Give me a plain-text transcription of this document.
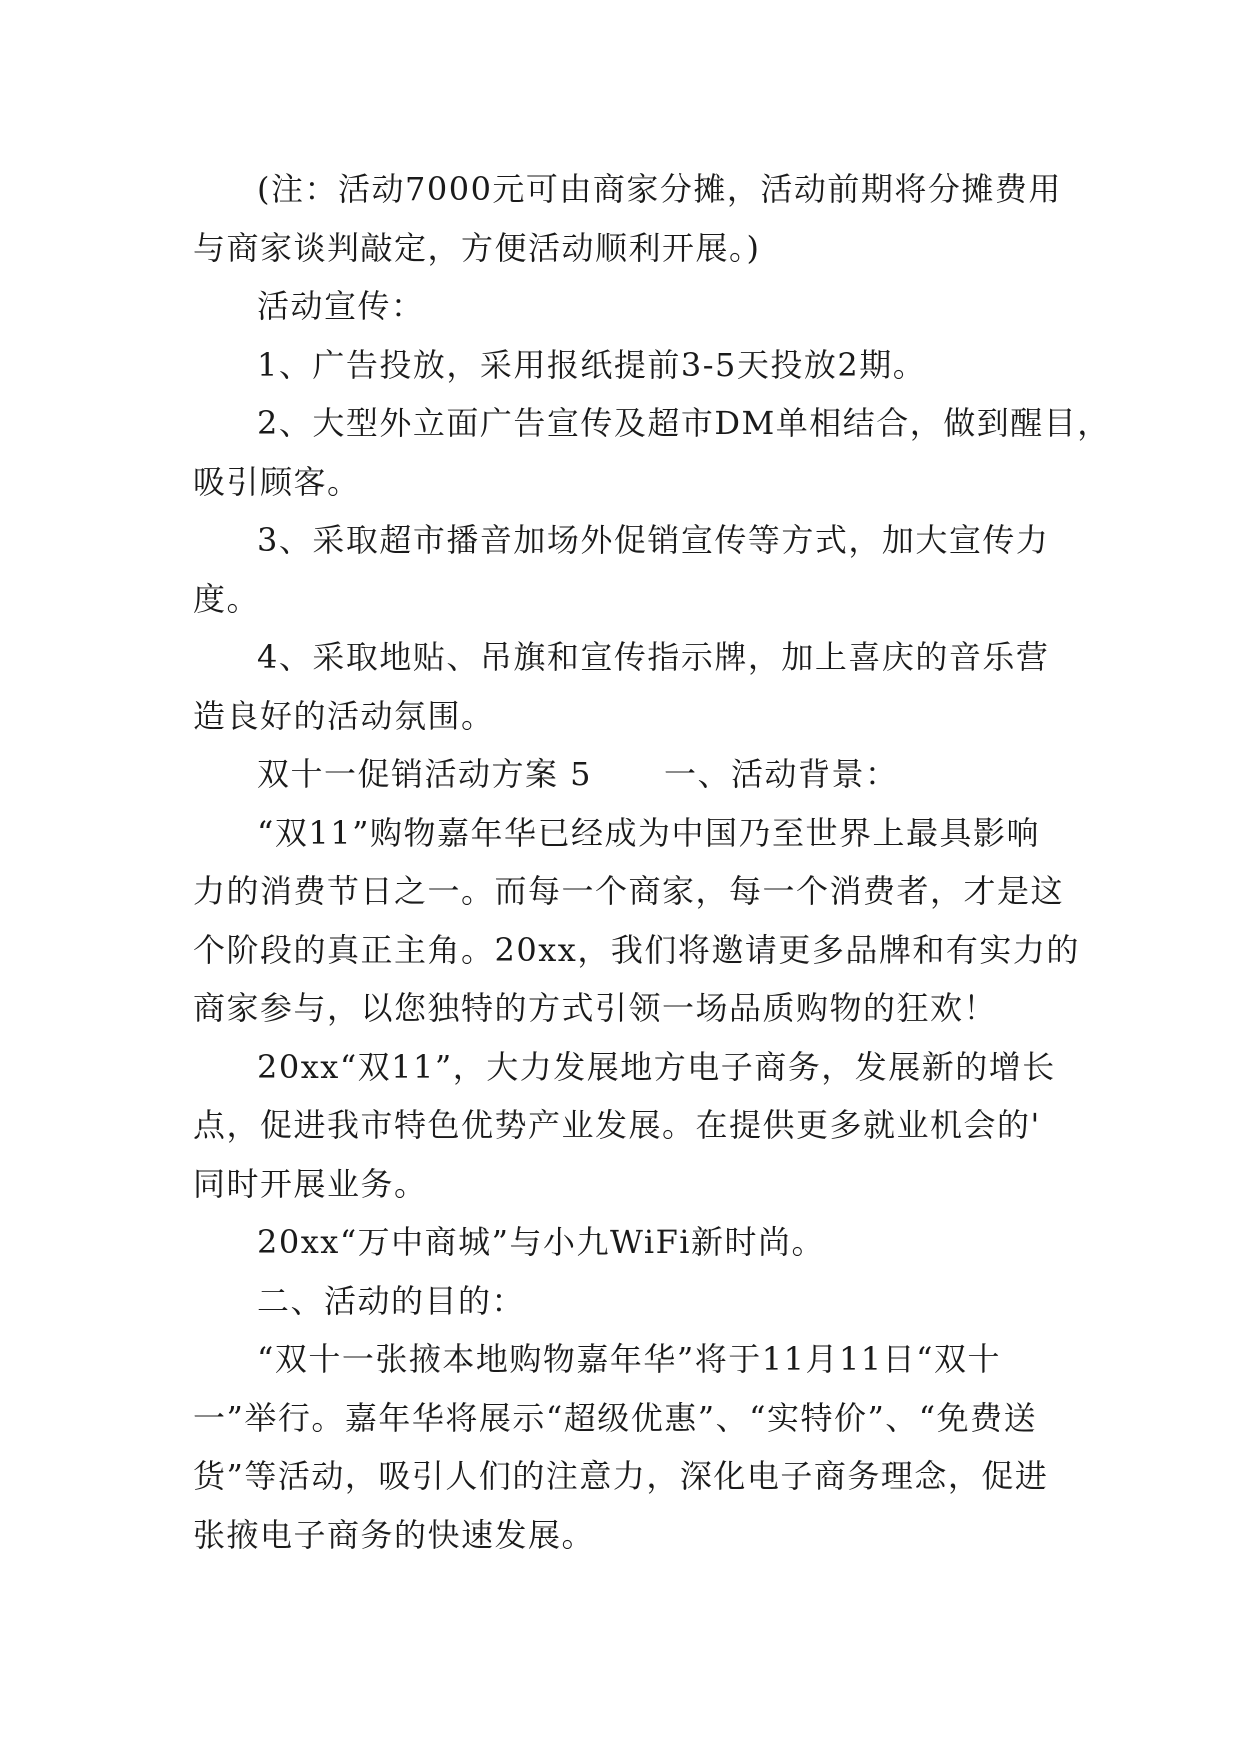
(注：活动7000元可由商家分摊，活动前期将分摊费用
与商家谈判敲定，方便活动顺利开展。)

活动宣传：

1、广告投放，采用报纸提前3-5天投放2期。

2、大型外立面广告宣传及超市DM单相结合，做到醒目，
吸引顾客。

3、采取超市播音加场外促销宣传等方式，加大宣传力
度。

4、采取地贴、吊旗和宣传指示牌，加上喜庆的音乐营
造良好的活动氛围。

双十一促销活动方案 5 一、活动背景：

“双11”购物嘉年华已经成为中国乃至世界上最具影响
力的消费节日之一。而每一个商家，每一个消费者，才是这
个阶段的真正主角。20xx，我们将邀请更多品牌和有实力的
商家参与，以您独特的方式引领一场品质购物的狂欢！

20xx“双11”，大力发展地方电子商务，发展新的增长
点，促进我市特色优势产业发展。在提供更多就业机会的'
同时开展业务。

20xx“万中商城”与小九WiFi新时尚。

二、活动的目的：

“双十一张掖本地购物嘉年华”将于11月11日“双十
一”举行。嘉年华将展示“超级优惠”、“实特价”、“免费送
货”等活动，吸引人们的注意力，深化电子商务理念，促进
张掖电子商务的快速发展。
